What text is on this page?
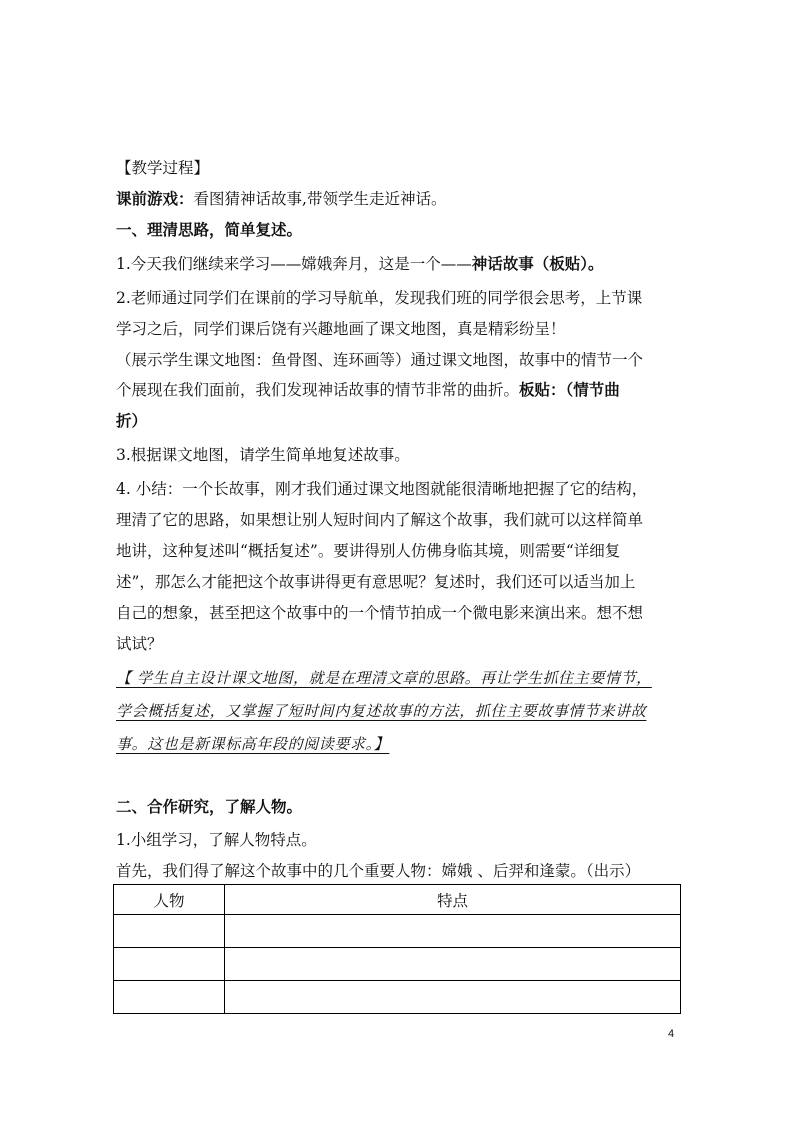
【教学过程】
课前游戏：看图猜神话故事,带领学生走近神话。
一、理清思路，简单复述。
1.今天我们继续来学习——嫦娥奔月，这是一个——神话故事（板贴）。
2.老师通过同学们在课前的学习导航单，发现我们班的同学很会思考，上节课
学习之后，同学们课后饶有兴趣地画了课文地图，真是精彩纷呈！
（展示学生课文地图：鱼骨图、连环画等）通过课文地图，故事中的情节一个
个展现在我们面前，我们发现神话故事的情节非常的曲折。板贴：（情节曲
折）
3.根据课文地图，请学生简单地复述故事。
4. 小结：一个长故事，刚才我们通过课文地图就能很清晰地把握了它的结构，
理清了它的思路，如果想让别人短时间内了解这个故事，我们就可以这样简单
地讲，这种复述叫“概括复述”。要讲得别人仿佛身临其境，则需要“详细复
述”，那怎么才能把这个故事讲得更有意思呢？复述时，我们还可以适当加上
自己的想象，甚至把这个故事中的一个情节拍成一个微电影来演出来。想不想
试试？
【 学生自主设计课文地图，就是在理清文章的思路。再让学生抓住主要情节，
学会概括复述，又掌握了短时间内复述故事的方法，抓住主要故事情节来讲故
事。这也是新课标高年段的阅读要求。】
二、合作研究，了解人物。
1.小组学习，了解人物特点。
首先，我们得了解这个故事中的几个重要人物：嫦娥 、后羿和逢蒙。（出示）
人物	特点

4
